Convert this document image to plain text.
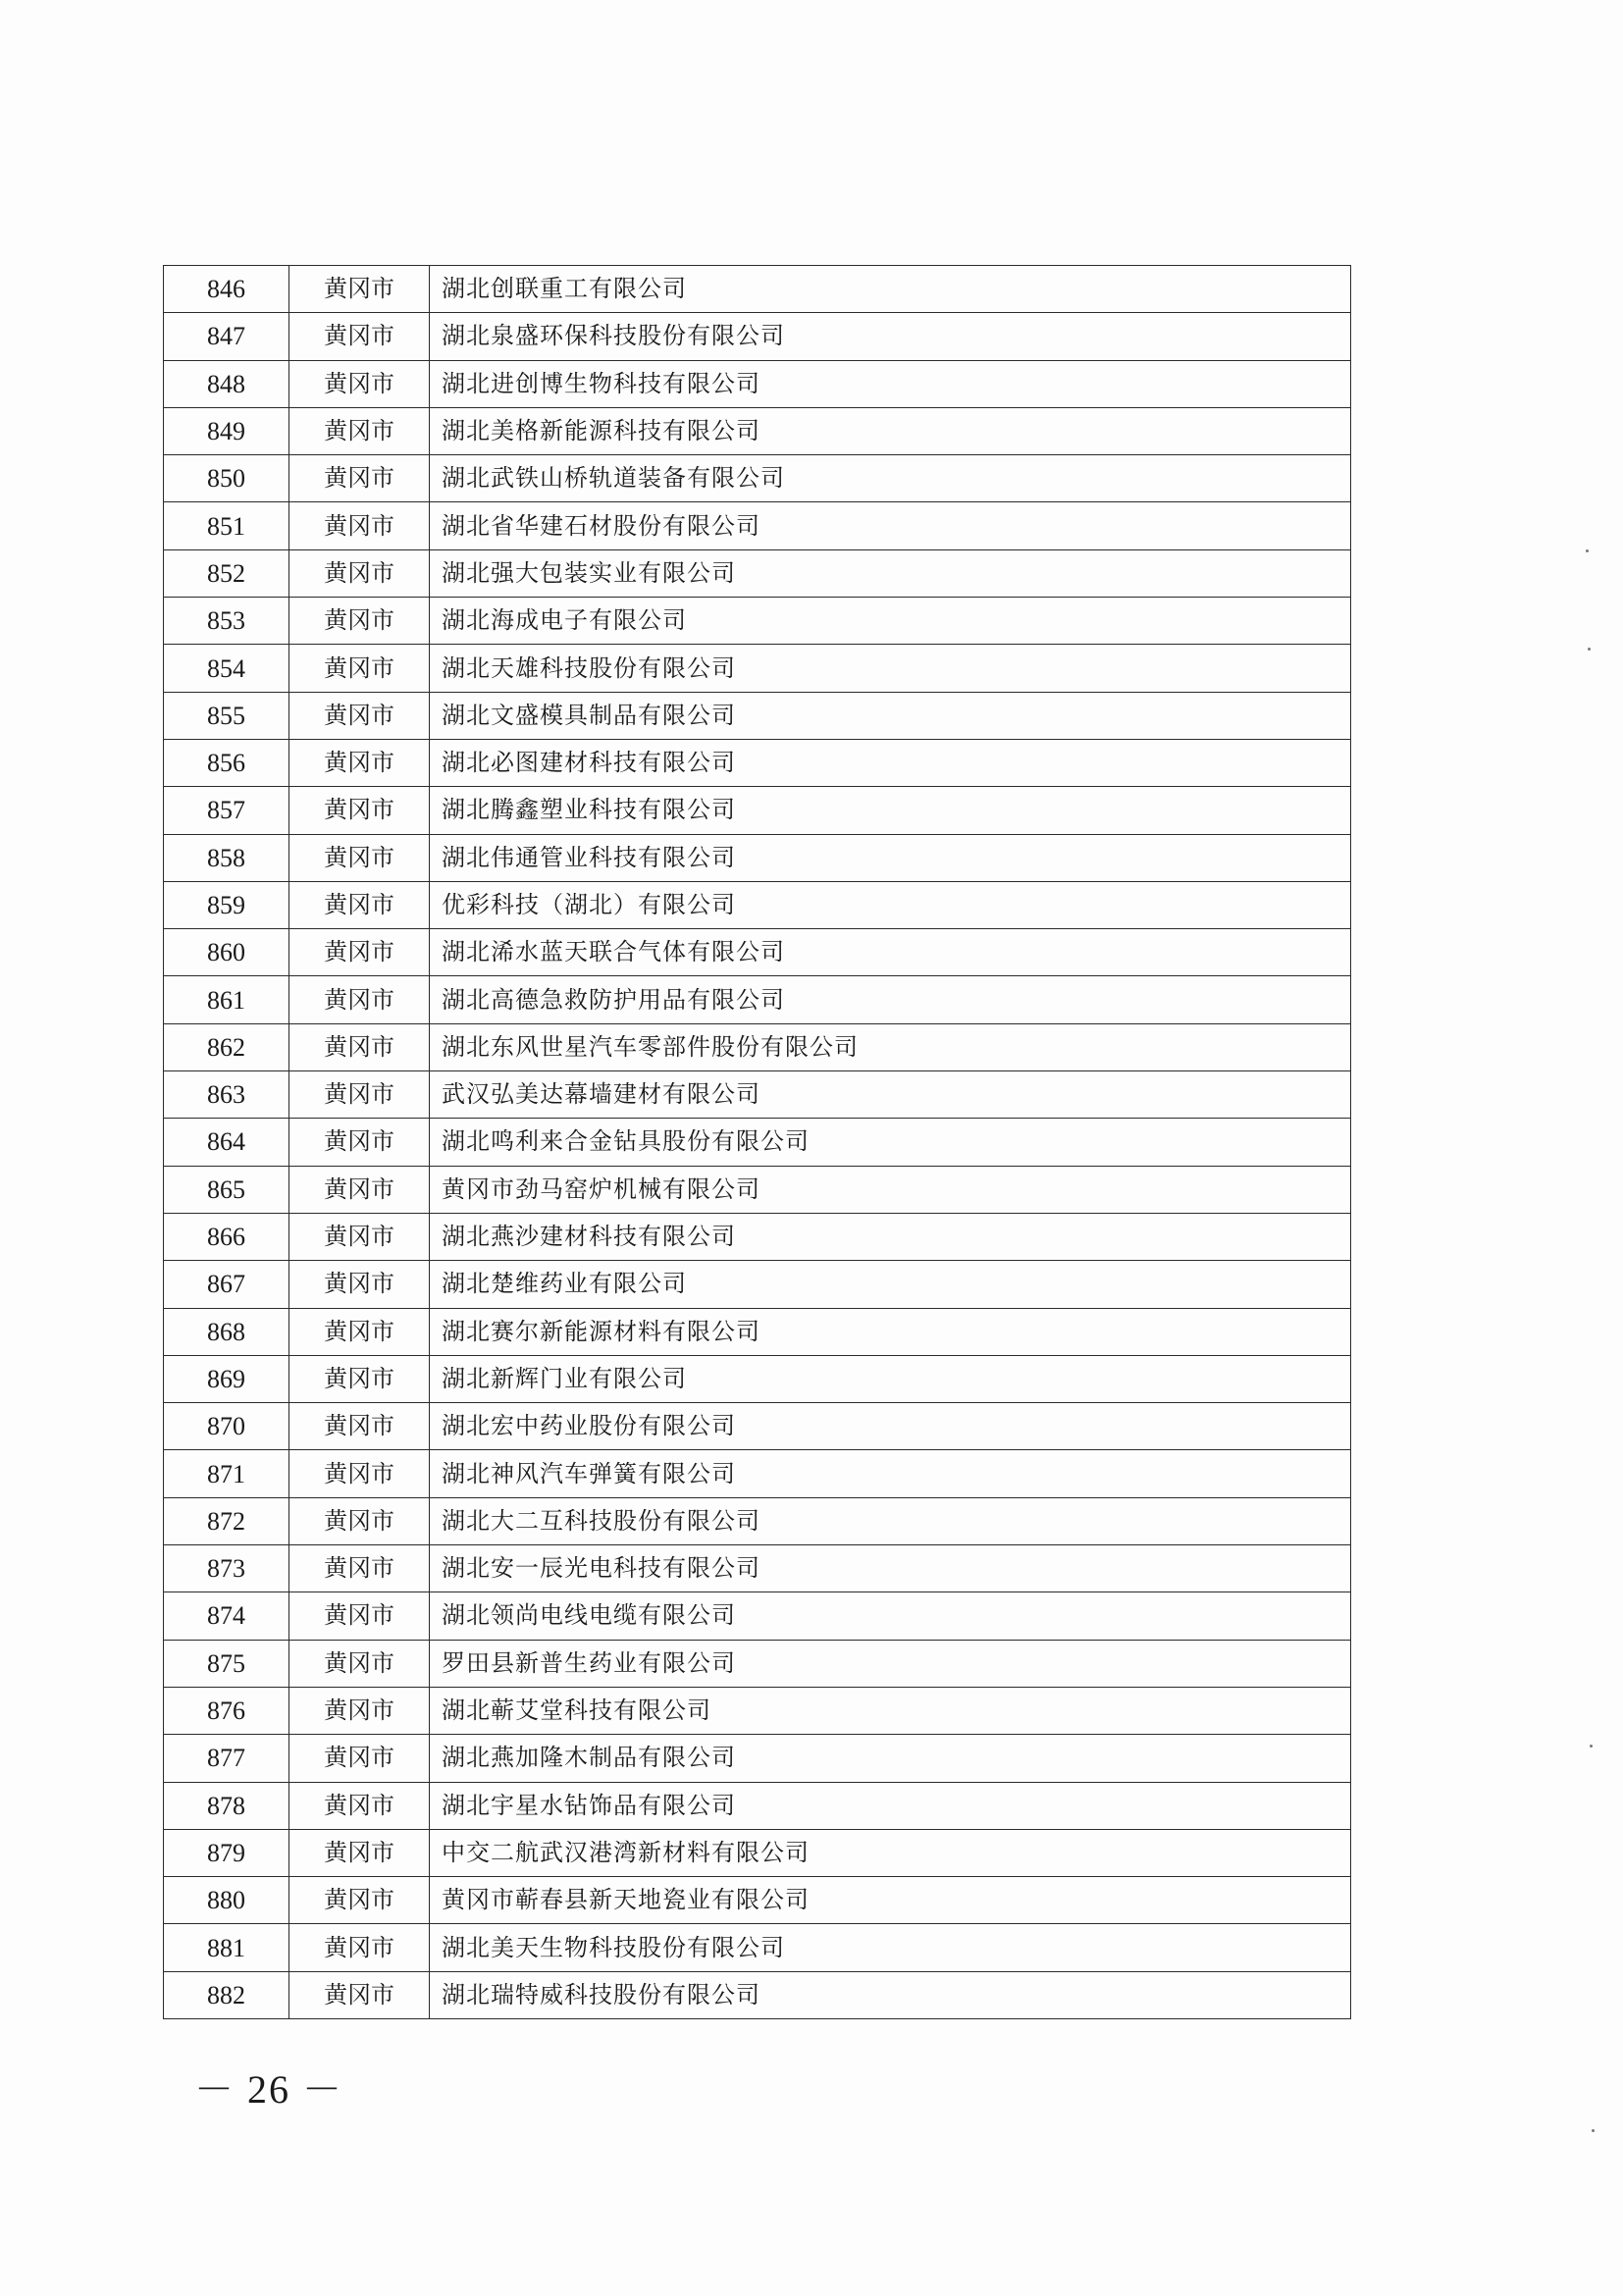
846	黄冈市	湖北创联重工有限公司
847	黄冈市	湖北泉盛环保科技股份有限公司
848	黄冈市	湖北进创博生物科技有限公司
849	黄冈市	湖北美格新能源科技有限公司
850	黄冈市	湖北武铁山桥轨道装备有限公司
851	黄冈市	湖北省华建石材股份有限公司
852	黄冈市	湖北强大包装实业有限公司
853	黄冈市	湖北海成电子有限公司
854	黄冈市	湖北天雄科技股份有限公司
855	黄冈市	湖北文盛模具制品有限公司
856	黄冈市	湖北必图建材科技有限公司
857	黄冈市	湖北腾鑫塑业科技有限公司
858	黄冈市	湖北伟通管业科技有限公司
859	黄冈市	优彩科技（湖北）有限公司
860	黄冈市	湖北浠水蓝天联合气体有限公司
861	黄冈市	湖北高德急救防护用品有限公司
862	黄冈市	湖北东风世星汽车零部件股份有限公司
863	黄冈市	武汉弘美达幕墙建材有限公司
864	黄冈市	湖北鸣利来合金钻具股份有限公司
865	黄冈市	黄冈市劲马窑炉机械有限公司
866	黄冈市	湖北燕沙建材科技有限公司
867	黄冈市	湖北楚维药业有限公司
868	黄冈市	湖北赛尔新能源材料有限公司
869	黄冈市	湖北新辉门业有限公司
870	黄冈市	湖北宏中药业股份有限公司
871	黄冈市	湖北神风汽车弹簧有限公司
872	黄冈市	湖北大二互科技股份有限公司
873	黄冈市	湖北安一辰光电科技有限公司
874	黄冈市	湖北领尚电线电缆有限公司
875	黄冈市	罗田县新普生药业有限公司
876	黄冈市	湖北蕲艾堂科技有限公司
877	黄冈市	湖北燕加隆木制品有限公司
878	黄冈市	湖北宇星水钻饰品有限公司
879	黄冈市	中交二航武汉港湾新材料有限公司
880	黄冈市	黄冈市蕲春县新天地瓷业有限公司
881	黄冈市	湖北美天生物科技股份有限公司
882	黄冈市	湖北瑞特威科技股份有限公司
－ 26 －
